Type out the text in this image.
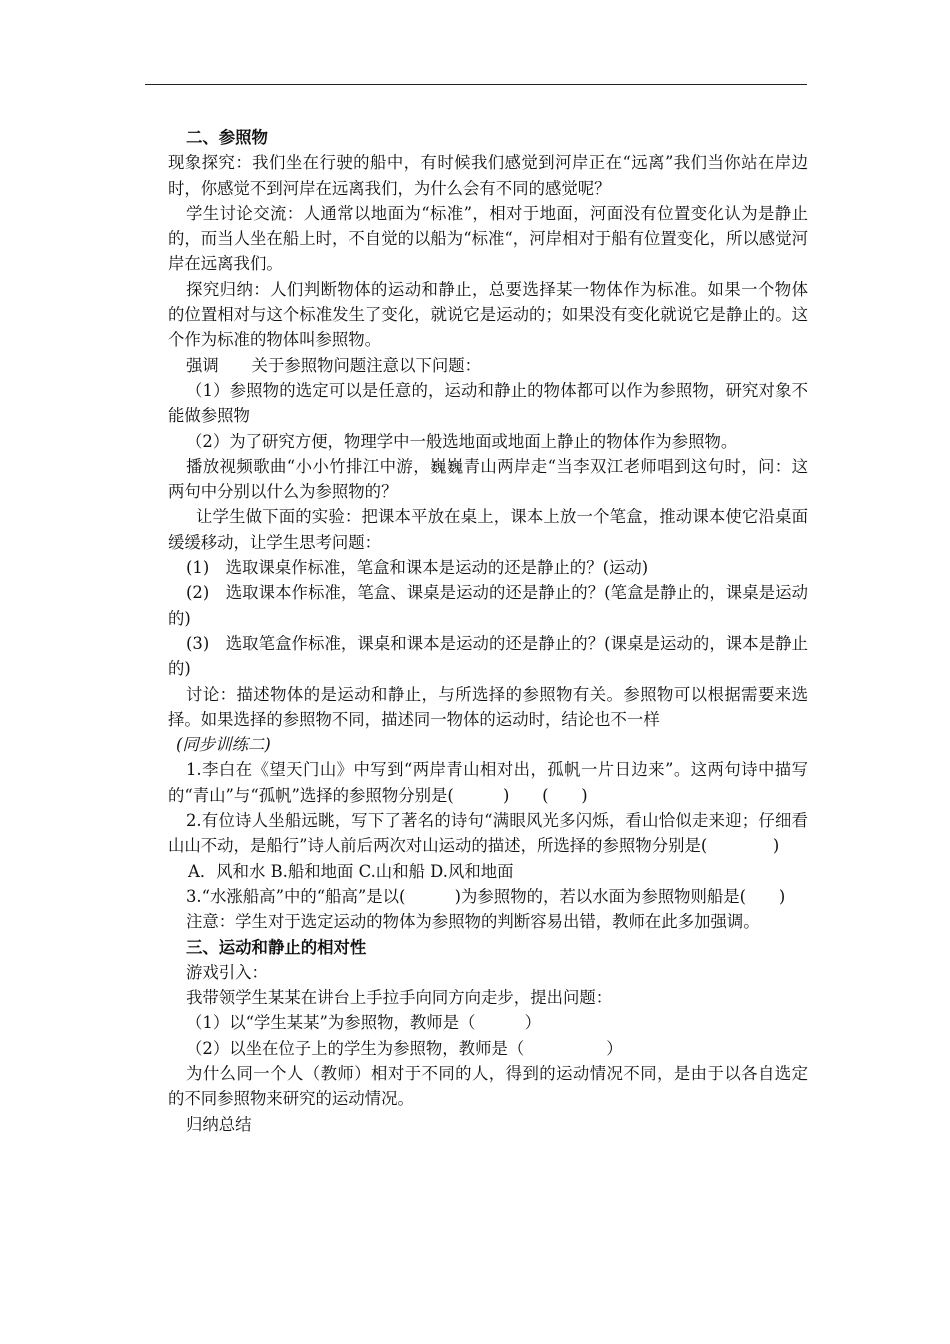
二、参照物

现象探究：我们坐在行驶的船中，有时候我们感觉到河岸正在“远离”我们当你站在岸边时，你感觉不到河岸在远离我们，为什么会有不同的感觉呢？

学生讨论交流：人通常以地面为“标准”，相对于地面，河面没有位置变化认为是静止的，而当人坐在船上时，不自觉的以船为“标准“，河岸相对于船有位置变化，所以感觉河岸在远离我们。

探究归纳：人们判断物体的运动和静止，总要选择某一物体作为标准。如果一个物体的位置相对与这个标准发生了变化，就说它是运动的；如果没有变化就说它是静止的。这个作为标准的物体叫参照物。

强调　　关于参照物问题注意以下问题：

（1）参照物的选定可以是任意的，运动和静止的物体都可以作为参照物，研究对象不能做参照物

（2）为了研究方便，物理学中一般选地面或地面上静止的物体作为参照物。

播放视频歌曲“小小竹排江中游，巍巍青山两岸走“当李双江老师唱到这句时，问：这两句中分别以什么为参照物的？

让学生做下面的实验：把课本平放在桌上，课本上放一个笔盒，推动课本使它沿桌面缓缓移动，让学生思考问题：

(1)　选取课桌作标准，笔盒和课本是运动的还是静止的？(运动)

(2)　选取课本作标准，笔盒、课桌是运动的还是静止的？(笔盒是静止的，课桌是运动的)

(3)　选取笔盒作标准，课桌和课本是运动的还是静止的？(课桌是运动的，课本是静止的)

讨论：描述物体的是运动和静止，与所选择的参照物有关。参照物可以根据需要来选择。如果选择的参照物不同，描述同一物体的运动时，结论也不一样

(同步训练二)

1.李白在《望天门山》中写到“两岸青山相对出，孤帆一片日边来”。这两句诗中描写的“青山”与“孤帆”选择的参照物分别是(　　　)　　(　　)

2.有位诗人坐船远眺，写下了著名的诗句“满眼风光多闪烁，看山恰似走来迎；仔细看山山不动，是船行”诗人前后两次对山运动的描述，所选择的参照物分别是(　　　　)

A．风和水 B.船和地面 C.山和船 D.风和地面

3.“水涨船高”中的“船高”是以(　　　)为参照物的，若以水面为参照物则船是(　　)

注意：学生对于选定运动的物体为参照物的判断容易出错，教师在此多加强调。

三、运动和静止的相对性

游戏引入：

我带领学生某某在讲台上手拉手向同方向走步，提出问题：

（1）以“学生某某”为参照物，教师是（　　　）

（2）以坐在位子上的学生为参照物，教师是（　　　　　）

为什么同一个人（教师）相对于不同的人，得到的运动情况不同，是由于以各自选定的不同参照物来研究的运动情况。

归纳总结
